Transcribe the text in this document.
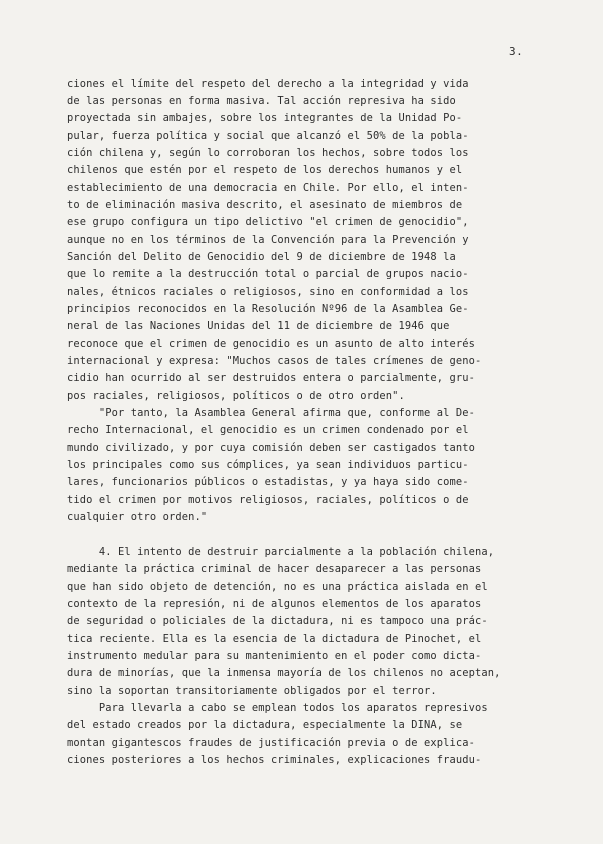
3.
ciones el límite del respeto del derecho a la integridad y vida
de las personas en forma masiva. Tal acción represiva ha sido
proyectada sin ambajes, sobre los integrantes de la Unidad Po-
pular, fuerza política y social que alcanzó el 50% de la pobla-
ción chilena y, según lo corroboran los hechos, sobre todos los
chilenos que estén por el respeto de los derechos humanos y el
establecimiento de una democracia en Chile. Por ello, el inten-
to de eliminación masiva descrito, el asesinato de miembros de
ese grupo configura un tipo delictivo "el crimen de genocidio",
aunque no en los términos de la Convención para la Prevención y
Sanción del Delito de Genocidio del 9 de diciembre de 1948 la
que lo remite a la destrucción total o parcial de grupos nacio-
nales, étnicos raciales o religiosos, sino en conformidad a los
principios reconocidos en la Resolución Nº96 de la Asamblea Ge-
neral de las Naciones Unidas del 11 de diciembre de 1946 que
reconoce que el crimen de genocidio es un asunto de alto interés
internacional y expresa: "Muchos casos de tales crímenes de geno-
cidio han ocurrido al ser destruidos entera o parcialmente, gru-
pos raciales, religiosos, políticos o de otro orden".
"Por tanto, la Asamblea General afirma que, conforme al De-
recho Internacional, el genocidio es un crimen condenado por el
mundo civilizado, y por cuya comisión deben ser castigados tanto
los principales como sus cómplices, ya sean individuos particu-
lares, funcionarios públicos o estadistas, y ya haya sido come-
tido el crimen por motivos religiosos, raciales, políticos o de
cualquier otro orden."
4. El intento de destruir parcialmente a la población chilena,
mediante la práctica criminal de hacer desaparecer a las personas
que han sido objeto de detención, no es una práctica aislada en el
contexto de la represión, ni de algunos elementos de los aparatos
de seguridad o policiales de la dictadura, ni es tampoco una prác-
tica reciente. Ella es la esencia de la dictadura de Pinochet, el
instrumento medular para su mantenimiento en el poder como dicta-
dura de minorías, que la inmensa mayoría de los chilenos no aceptan,
sino la soportan transitoriamente obligados por el terror.
Para llevarla a cabo se emplean todos los aparatos represivos
del estado creados por la dictadura, especialmente la DINA, se
montan gigantescos fraudes de justificación previa o de explica-
ciones posteriores a los hechos criminales, explicaciones fraudu-
